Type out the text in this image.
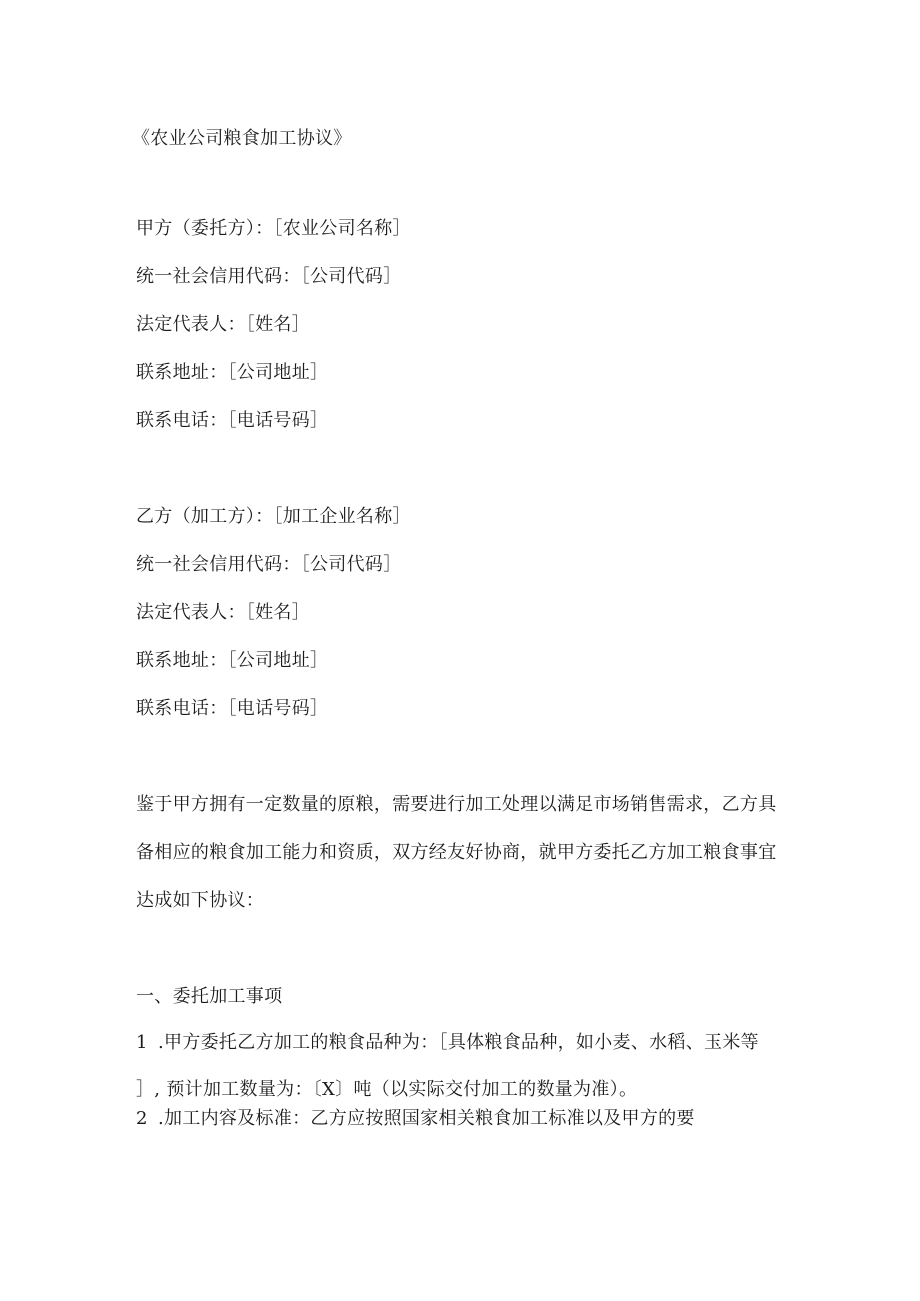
《农业公司粮食加工协议》
甲方（委托方）：［农业公司名称］
统一社会信用代码：［公司代码］
法定代表人：［姓名］
联系地址：［公司地址］
联系电话：［电话号码］
乙方（加工方）：［加工企业名称］
统一社会信用代码：［公司代码］
法定代表人：［姓名］
联系地址：［公司地址］
联系电话：［电话号码］
鉴于甲方拥有一定数量的原粮，需要进行加工处理以满足市场销售需求，乙方具
备相应的粮食加工能力和资质，双方经友好协商，就甲方委托乙方加工粮食事宜
达成如下协议：
一、委托加工事项
1 .甲方委托乙方加工的粮食品种为：［具体粮食品种，如小麦、水稻、玉米等
］, 预计加工数量为：〔X〕吨（以实际交付加工的数量为准）。
2 .加工内容及标准：乙方应按照国家相关粮食加工标准以及甲方的要
